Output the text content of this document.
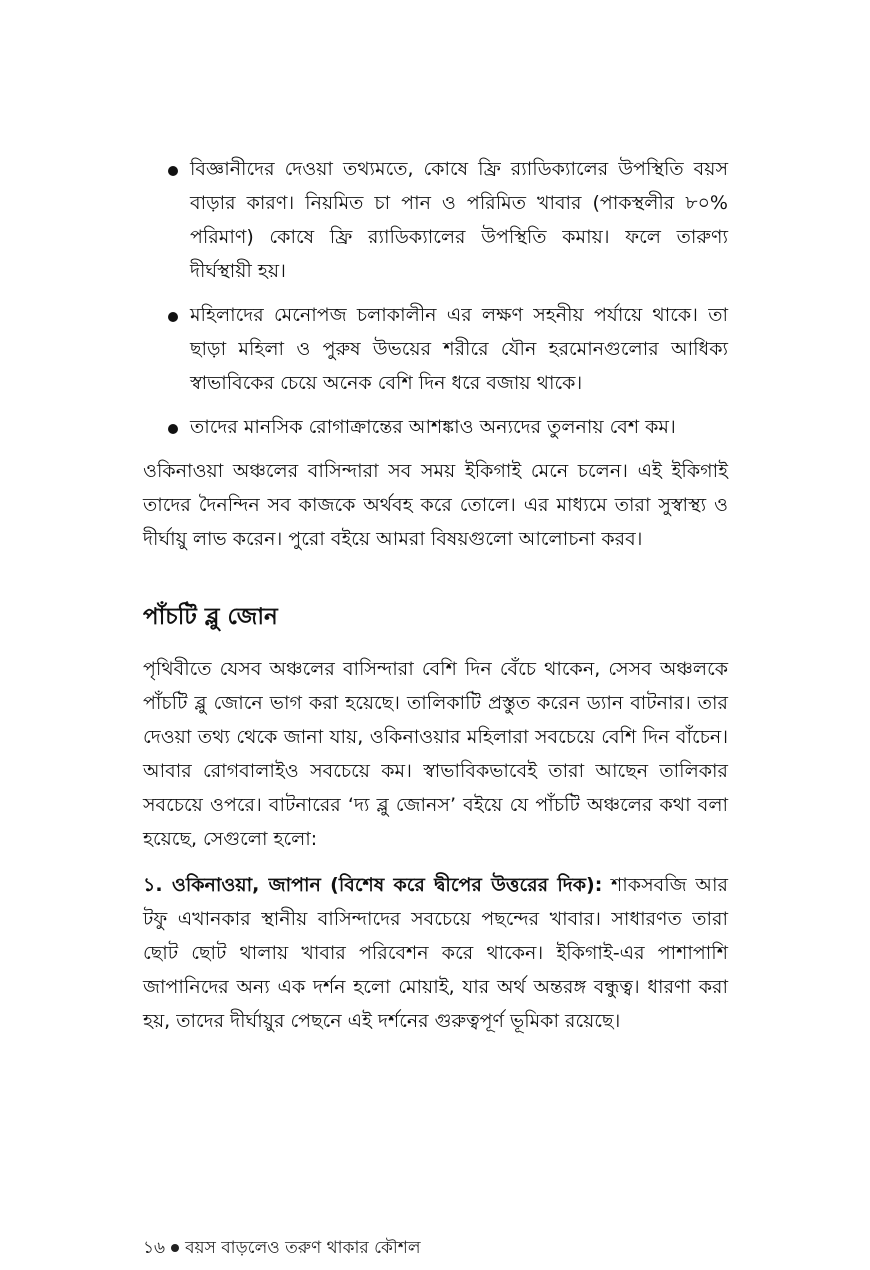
বিজ্ঞানীদের দেওয়া তথ্যমতে, কোষে ফ্রি র‍্যাডিক্যালের উপস্থিতি বয়স বাড়ার কারণ। নিয়মিত চা পান ও পরিমিত খাবার (পাকস্থলীর ৮০% পরিমাণ) কোষে ফ্রি র‍্যাডিক্যালের উপস্থিতি কমায়। ফলে তারুণ্য দীর্ঘস্থায়ী হয়।
মহিলাদের মেনোপজ চলাকালীন এর লক্ষণ সহনীয় পর্যায়ে থাকে। তা ছাড়া মহিলা ও পুরুষ উভয়ের শরীরে যৌন হরমোনগুলোর আধিক্য স্বাভাবিকের চেয়ে অনেক বেশি দিন ধরে বজায় থাকে।
তাদের মানসিক রোগাক্রান্তের আশঙ্কাও অন্যদের তুলনায় বেশ কম।

ওকিনাওয়া অঞ্চলের বাসিন্দারা সব সময় ইকিগাই মেনে চলেন। এই ইকিগাই তাদের দৈনন্দিন সব কাজকে অর্থবহ করে তোলে। এর মাধ্যমে তারা সুস্বাস্থ্য ও দীর্ঘায়ু লাভ করেন। পুরো বইয়ে আমরা বিষয়গুলো আলোচনা করব।

পাঁচটি ব্লু জোন

পৃথিবীতে যেসব অঞ্চলের বাসিন্দারা বেশি দিন বেঁচে থাকেন, সেসব অঞ্চলকে পাঁচটি ব্লু জোনে ভাগ করা হয়েছে। তালিকাটি প্রস্তুত করেন ড্যান বাটনার। তার দেওয়া তথ্য থেকে জানা যায়, ওকিনাওয়ার মহিলারা সবচেয়ে বেশি দিন বাঁচেন। আবার রোগবালাইও সবচেয়ে কম। স্বাভাবিকভাবেই তারা আছেন তালিকার সবচেয়ে ওপরে। বাটনারের ‘দ্য ব্লু জোনস’ বইয়ে যে পাঁচটি অঞ্চলের কথা বলা হয়েছে, সেগুলো হলো:

১. ওকিনাওয়া, জাপান (বিশেষ করে দ্বীপের উত্তরের দিক): শাকসবজি আর টফু এখানকার স্থানীয় বাসিন্দাদের সবচেয়ে পছন্দের খাবার। সাধারণত তারা ছোট ছোট থালায় খাবার পরিবেশন করে থাকেন। ইকিগাই-এর পাশাপাশি জাপানিদের অন্য এক দর্শন হলো মোয়াই, যার অর্থ অন্তরঙ্গ বন্ধুত্ব। ধারণা করা হয়, তাদের দীর্ঘায়ুর পেছনে এই দর্শনের গুরুত্বপূর্ণ ভূমিকা রয়েছে।

১৬ বয়স বাড়লেও তরুণ থাকার কৌশল
